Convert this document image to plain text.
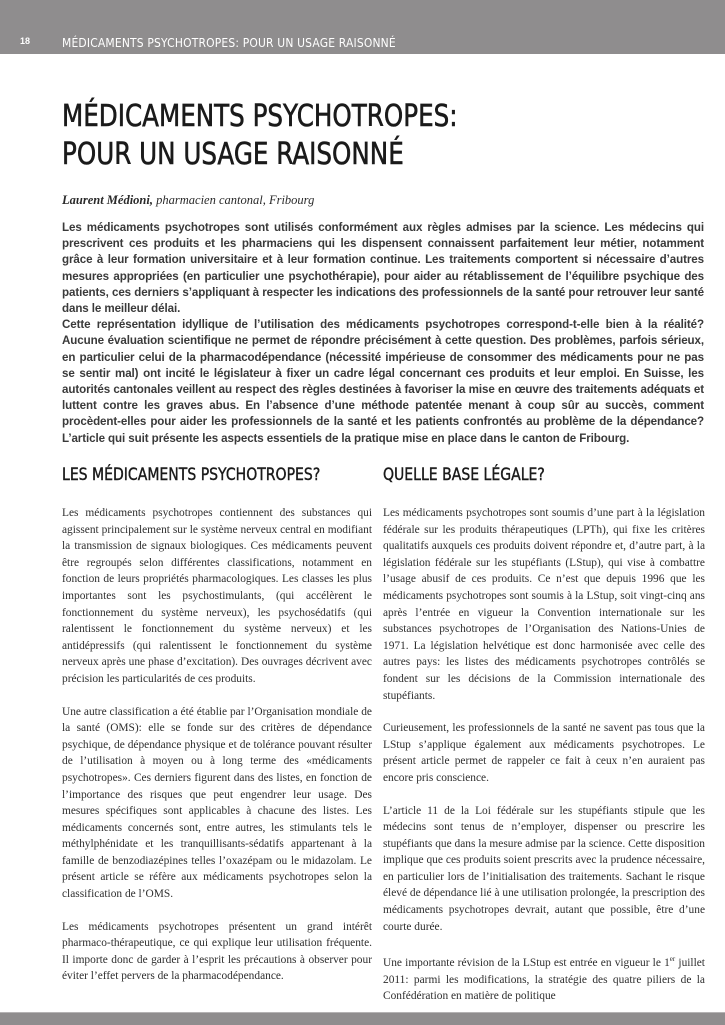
18	MÉDICAMENTS PSYCHOTROPES: POUR UN USAGE RAISONNÉ
MÉDICAMENTS PSYCHOTROPES:
POUR UN USAGE RAISONNÉ
Laurent Médioni, pharmacien cantonal, Fribourg

Les médicaments psychotropes sont utilisés conformément aux règles admises par la science. Les médecins qui prescrivent ces produits et les pharmaciens qui les dispensent connaissent parfaitement leur métier, notamment grâce à leur formation universitaire et à leur formation continue. Les traitements comportent si nécessaire d’autres mesures appropriées (en particulier une psychothérapie), pour aider au rétablissement de l’équilibre psychique des patients, ces derniers s’appliquant à respecter les indications des professionnels de la santé pour retrouver leur santé dans le meilleur délai.

Cette représentation idyllique de l’utilisation des médicaments psychotropes correspond-t-elle bien à la réalité? Aucune évaluation scientifique ne permet de répondre précisément à cette question. Des problèmes, parfois sérieux, en particulier celui de la pharmacodépendance (nécessité impérieuse de consommer des médicaments pour ne pas se sentir mal) ont incité le législateur à fixer un cadre légal concernant ces produits et leur emploi. En Suisse, les autorités cantonales veillent au respect des règles destinées à favoriser la mise en œuvre des traitements adéquats et luttent contre les graves abus. En l’absence d’une méthode patentée menant à coup sûr au succès, comment procèdent-elles pour aider les professionnels de la santé et les patients confrontés au problème de la dépendance? L’article qui suit présente les aspects essentiels de la pratique mise en place dans le canton de Fribourg.

LES MÉDICAMENTS PSYCHOTROPES?

Les médicaments psychotropes contiennent des substances qui agissent principalement sur le système nerveux central en modifiant la transmission de signaux biologiques. Ces médicaments peuvent être regroupés selon différentes classifications, notamment en fonction de leurs propriétés pharmacologiques. Les classes les plus importantes sont les psychostimulants, (qui accélèrent le fonctionnement du système nerveux), les psychosédatifs (qui ralentissent le fonctionnement du système nerveux) et les antidépressifs (qui ralentissent le fonctionnement du système nerveux après une phase d’excitation). Des ouvrages décrivent avec précision les particularités de ces produits.

Une autre classification a été établie par l’Organisation mondiale de la santé (OMS): elle se fonde sur des critères de dépendance psychique, de dépendance physique et de tolérance pouvant résulter de l’utilisation à moyen ou à long terme des «médicaments psychotropes». Ces derniers figurent dans des listes, en fonction de l’importance des risques que peut engendrer leur usage. Des mesures spécifiques sont applicables à chacune des listes. Les médicaments concernés sont, entre autres, les stimulants tels le méthylphénidate et les tranquillisants-sédatifs appartenant à la famille de benzodiazépines telles l’oxazépam ou le midazolam. Le présent article se réfère aux médicaments psychotropes selon la classification de l’OMS.

Les médicaments psychotropes présentent un grand intérêt pharmaco-thérapeutique, ce qui explique leur utilisation fréquente. Il importe donc de garder à l’esprit les précautions à observer pour éviter l’effet pervers de la pharmacodépendance.

QUELLE BASE LÉGALE?

Les médicaments psychotropes sont soumis d’une part à la législation fédérale sur les produits thérapeutiques (LPTh), qui fixe les critères qualitatifs auxquels ces produits doivent répondre et, d’autre part, à la législation fédérale sur les stupéfiants (LStup), qui vise à combattre l’usage abusif de ces produits. Ce n’est que depuis 1996 que les médicaments psychotropes sont soumis à la LStup, soit vingt-cinq ans après l’entrée en vigueur la Convention internationale sur les substances psychotropes de l’Organisation des Nations-Unies de 1971. La législation helvétique est donc harmonisée avec celle des autres pays: les listes des médicaments psychotropes contrôlés se fondent sur les décisions de la Commission internationale des stupéfiants.

Curieusement, les professionnels de la santé ne savent pas tous que la LStup s’applique également aux médicaments psychotropes. Le présent article permet de rappeler ce fait à ceux n’en auraient pas encore pris conscience.

L’article 11 de la Loi fédérale sur les stupéfiants stipule que les médecins sont tenus de n’employer, dispenser ou prescrire les stupéfiants que dans la mesure admise par la science. Cette disposition implique que ces produits soient prescrits avec la prudence nécessaire, en particulier lors de l’initialisation des traitements. Sachant le risque élevé de dépendance lié à une utilisation prolongée, la prescription des médicaments psychotropes devrait, autant que possible, être d’une courte durée.

Une importante révision de la LStup est entrée en vigueur le 1er juillet 2011: parmi les modifications, la stratégie des quatre piliers de la Confédération en matière de politique
